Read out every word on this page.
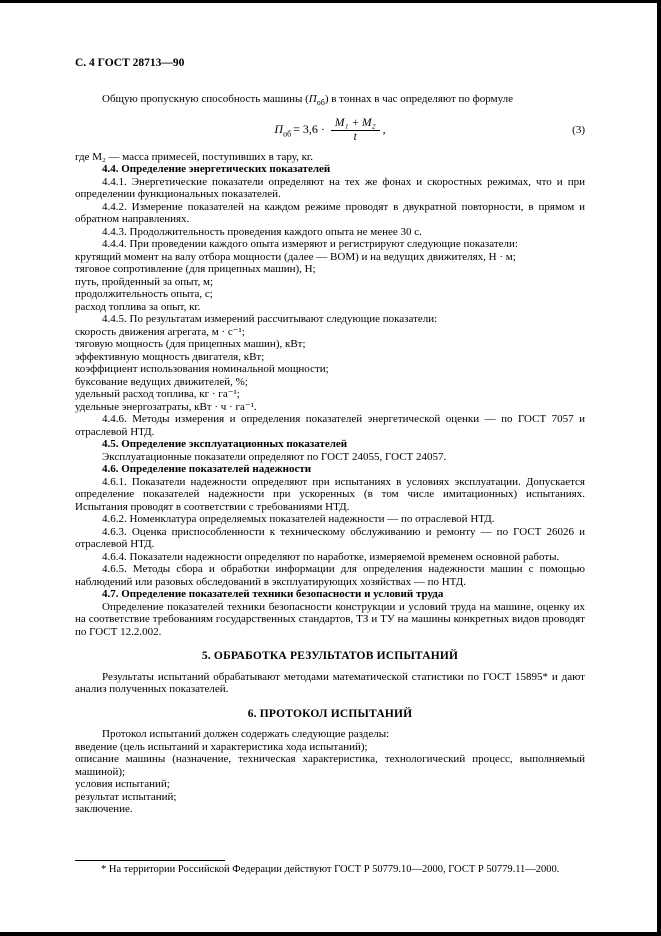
С. 4 ГОСТ 28713—90

Общую пропускную способность машины $(П_{об})$ в тоннах в час определяют по формуле

$П_{об} = 3,6 \cdot \frac{\text{M₁ + M₂}}{t}$ ,	(3)

где M₂ — масса примесей, поступивших в тару, кг.

4.4. Определение энергетических показателей

4.4.1. Энергетические показатели определяют на тех же фонах и скоростных режимах, что и при определении функциональных показателей.

4.4.2. Измерение показателей на каждом режиме проводят в двукратной повторности, в прямом и обратном направлениях.

4.4.3. Продолжительность проведения каждого опыта не менее 30 с.

4.4.4. При проведении каждого опыта измеряют и регистрируют следующие показатели:

крутящий момент на валу отбора мощности (далее — ВОМ) и на ведущих движителях, Н · м;

тяговое сопротивление (для прицепных машин), Н;

путь, пройденный за опыт, м;

продолжительность опыта, с;

расход топлива за опыт, кг.

4.4.5. По результатам измерений рассчитывают следующие показатели:

скорость движения агрегата, м · с⁻¹;

тяговую мощность (для прицепных машин), кВт;

эффективную мощность двигателя, кВт;

коэффициент использования номинальной мощности;

буксование ведущих движителей, %;

удельный расход топлива, кг · га⁻¹;

удельные энергозатраты, кВт · ч · га⁻¹.

4.4.6. Методы измерения и определения показателей энергетической оценки — по ГОСТ 7057 и отраслевой НТД.

4.5. Определение эксплуатационных показателей

Эксплуатационные показатели определяют по ГОСТ 24055, ГОСТ 24057.

4.6. Определение показателей надежности

4.6.1. Показатели надежности определяют при испытаниях в условиях эксплуатации. Допускается определение показателей надежности при ускоренных (в том числе имитационных) испытаниях. Испытания проводят в соответствии с требованиями НТД.

4.6.2. Номенклатура определяемых показателей надежности — по отраслевой НТД.

4.6.3. Оценка приспособленности к техническому обслуживанию и ремонту — по ГОСТ 26026 и отраслевой НТД.

4.6.4. Показатели надежности определяют по наработке, измеряемой временем основной работы.

4.6.5. Методы сбора и обработки информации для определения надежности машин с помощью наблюдений или разовых обследований в эксплуатирующих хозяйствах — по НТД.

4.7. Определение показателей техники безопасности и условий труда

Определение показателей техники безопасности конструкции и условий труда на машине, оценку их на соответствие требованиям государственных стандартов, ТЗ и ТУ на машины конкретных видов проводят по ГОСТ 12.2.002.

5. ОБРАБОТКА РЕЗУЛЬТАТОВ ИСПЫТАНИЙ

Результаты испытаний обрабатывают методами математической статистики по ГОСТ 15895* и дают анализ полученных показателей.

6. ПРОТОКОЛ ИСПЫТАНИЙ

Протокол испытаний должен содержать следующие разделы:

введение (цель испытаний и характеристика хода испытаний);

описание машины (назначение, техническая характеристика, технологический процесс, выполняемый машиной);

условия испытаний;

результат испытаний;

заключение.

* На территории Российской Федерации действуют ГОСТ Р 50779.10—2000, ГОСТ Р 50779.11—2000.
